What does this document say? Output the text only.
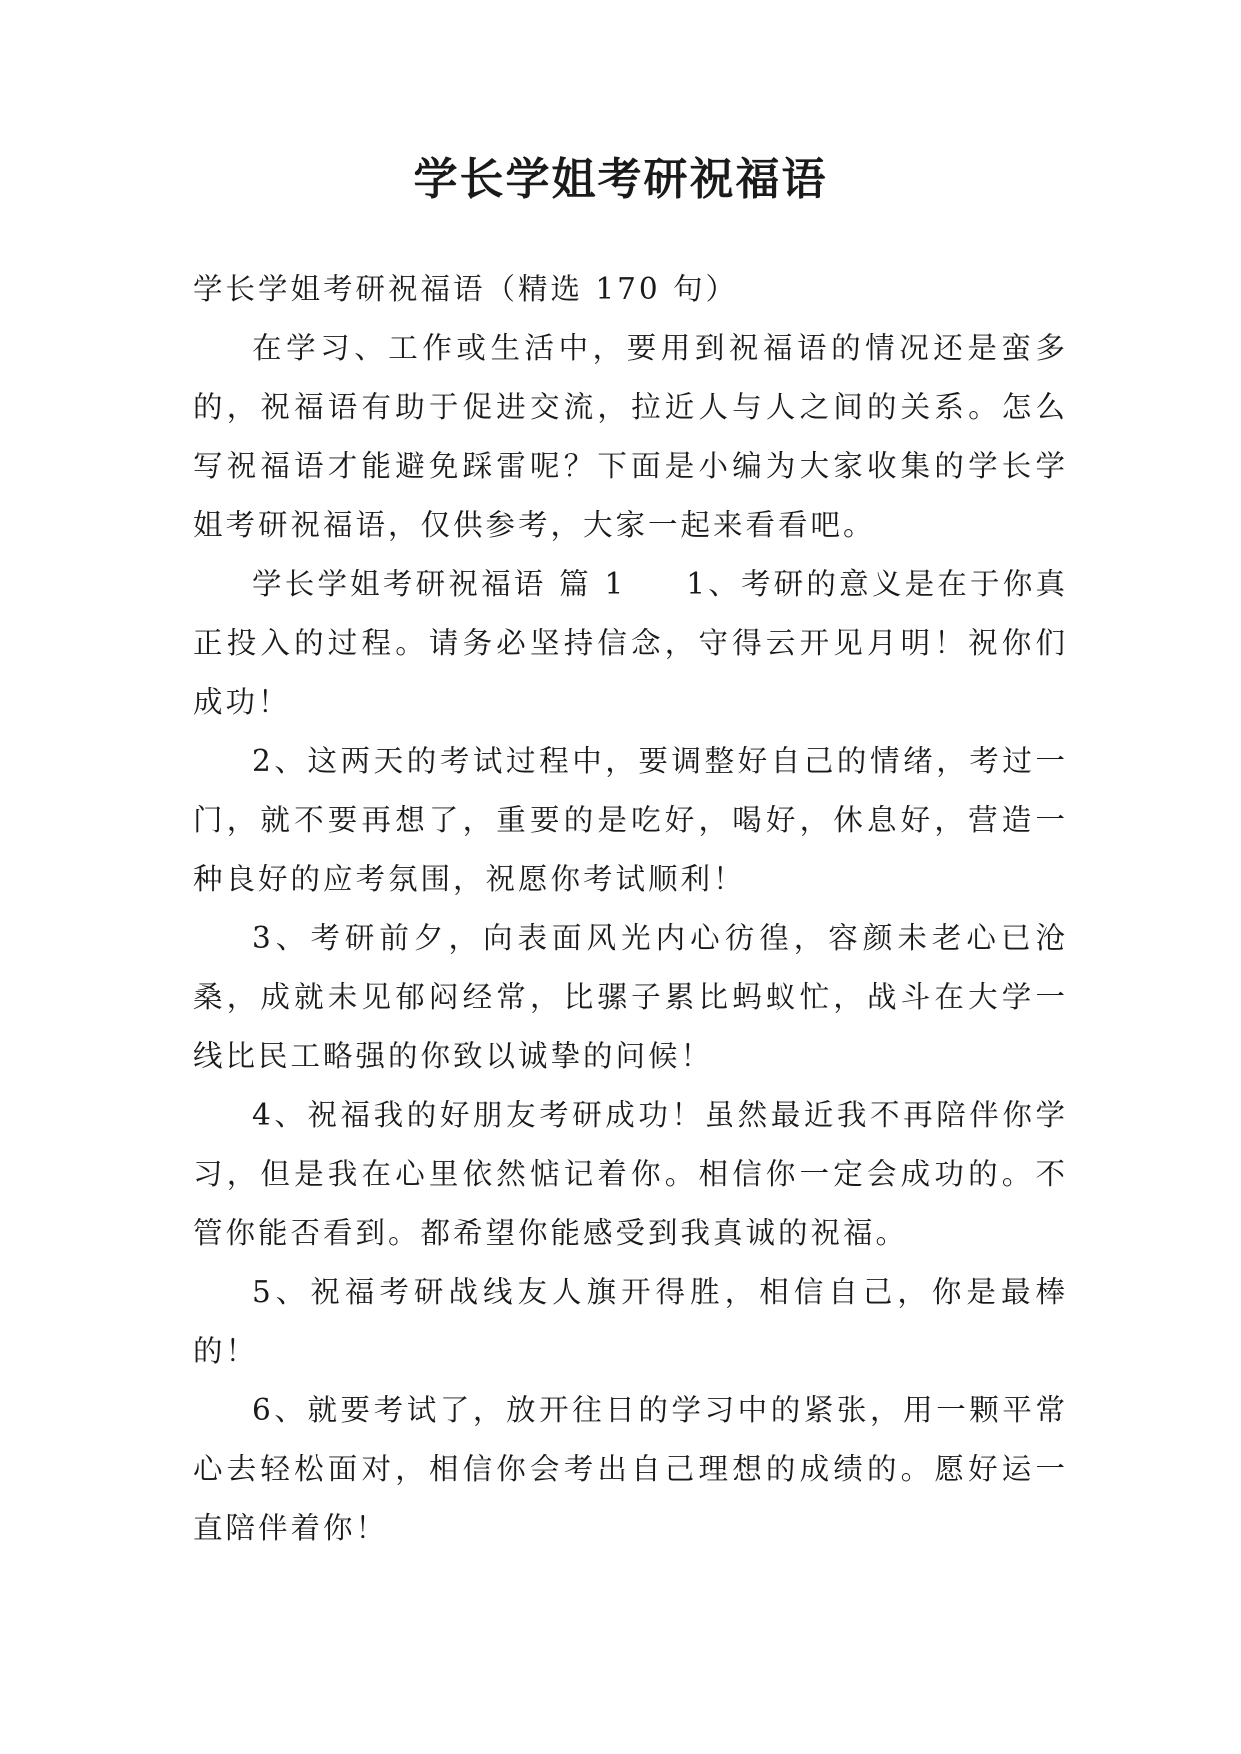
学长学姐考研祝福语

学长学姐考研祝福语（精选 170 句）

在学习、工作或生活中，要用到祝福语的情况还是蛮多的，祝福语有助于促进交流，拉近人与人之间的关系。怎么写祝福语才能避免踩雷呢？下面是小编为大家收集的学长学姐考研祝福语，仅供参考，大家一起来看看吧。

学长学姐考研祝福语 篇 1 1、考研的意义是在于你真正投入的过程。请务必坚持信念，守得云开见月明！祝你们成功！

2、这两天的考试过程中，要调整好自己的情绪，考过一门，就不要再想了，重要的是吃好，喝好，休息好，营造一种良好的应考氛围，祝愿你考试顺利！

3、考研前夕，向表面风光内心彷徨，容颜未老心已沧桑，成就未见郁闷经常，比骡子累比蚂蚁忙，战斗在大学一线比民工略强的你致以诚挚的问候！

4、祝福我的好朋友考研成功！虽然最近我不再陪伴你学习，但是我在心里依然惦记着你。相信你一定会成功的。不管你能否看到。都希望你能感受到我真诚的祝福。

5、祝福考研战线友人旗开得胜，相信自己，你是最棒的！

6、就要考试了，放开往日的学习中的紧张，用一颗平常心去轻松面对，相信你会考出自己理想的成绩的。愿好运一直陪伴着你！
